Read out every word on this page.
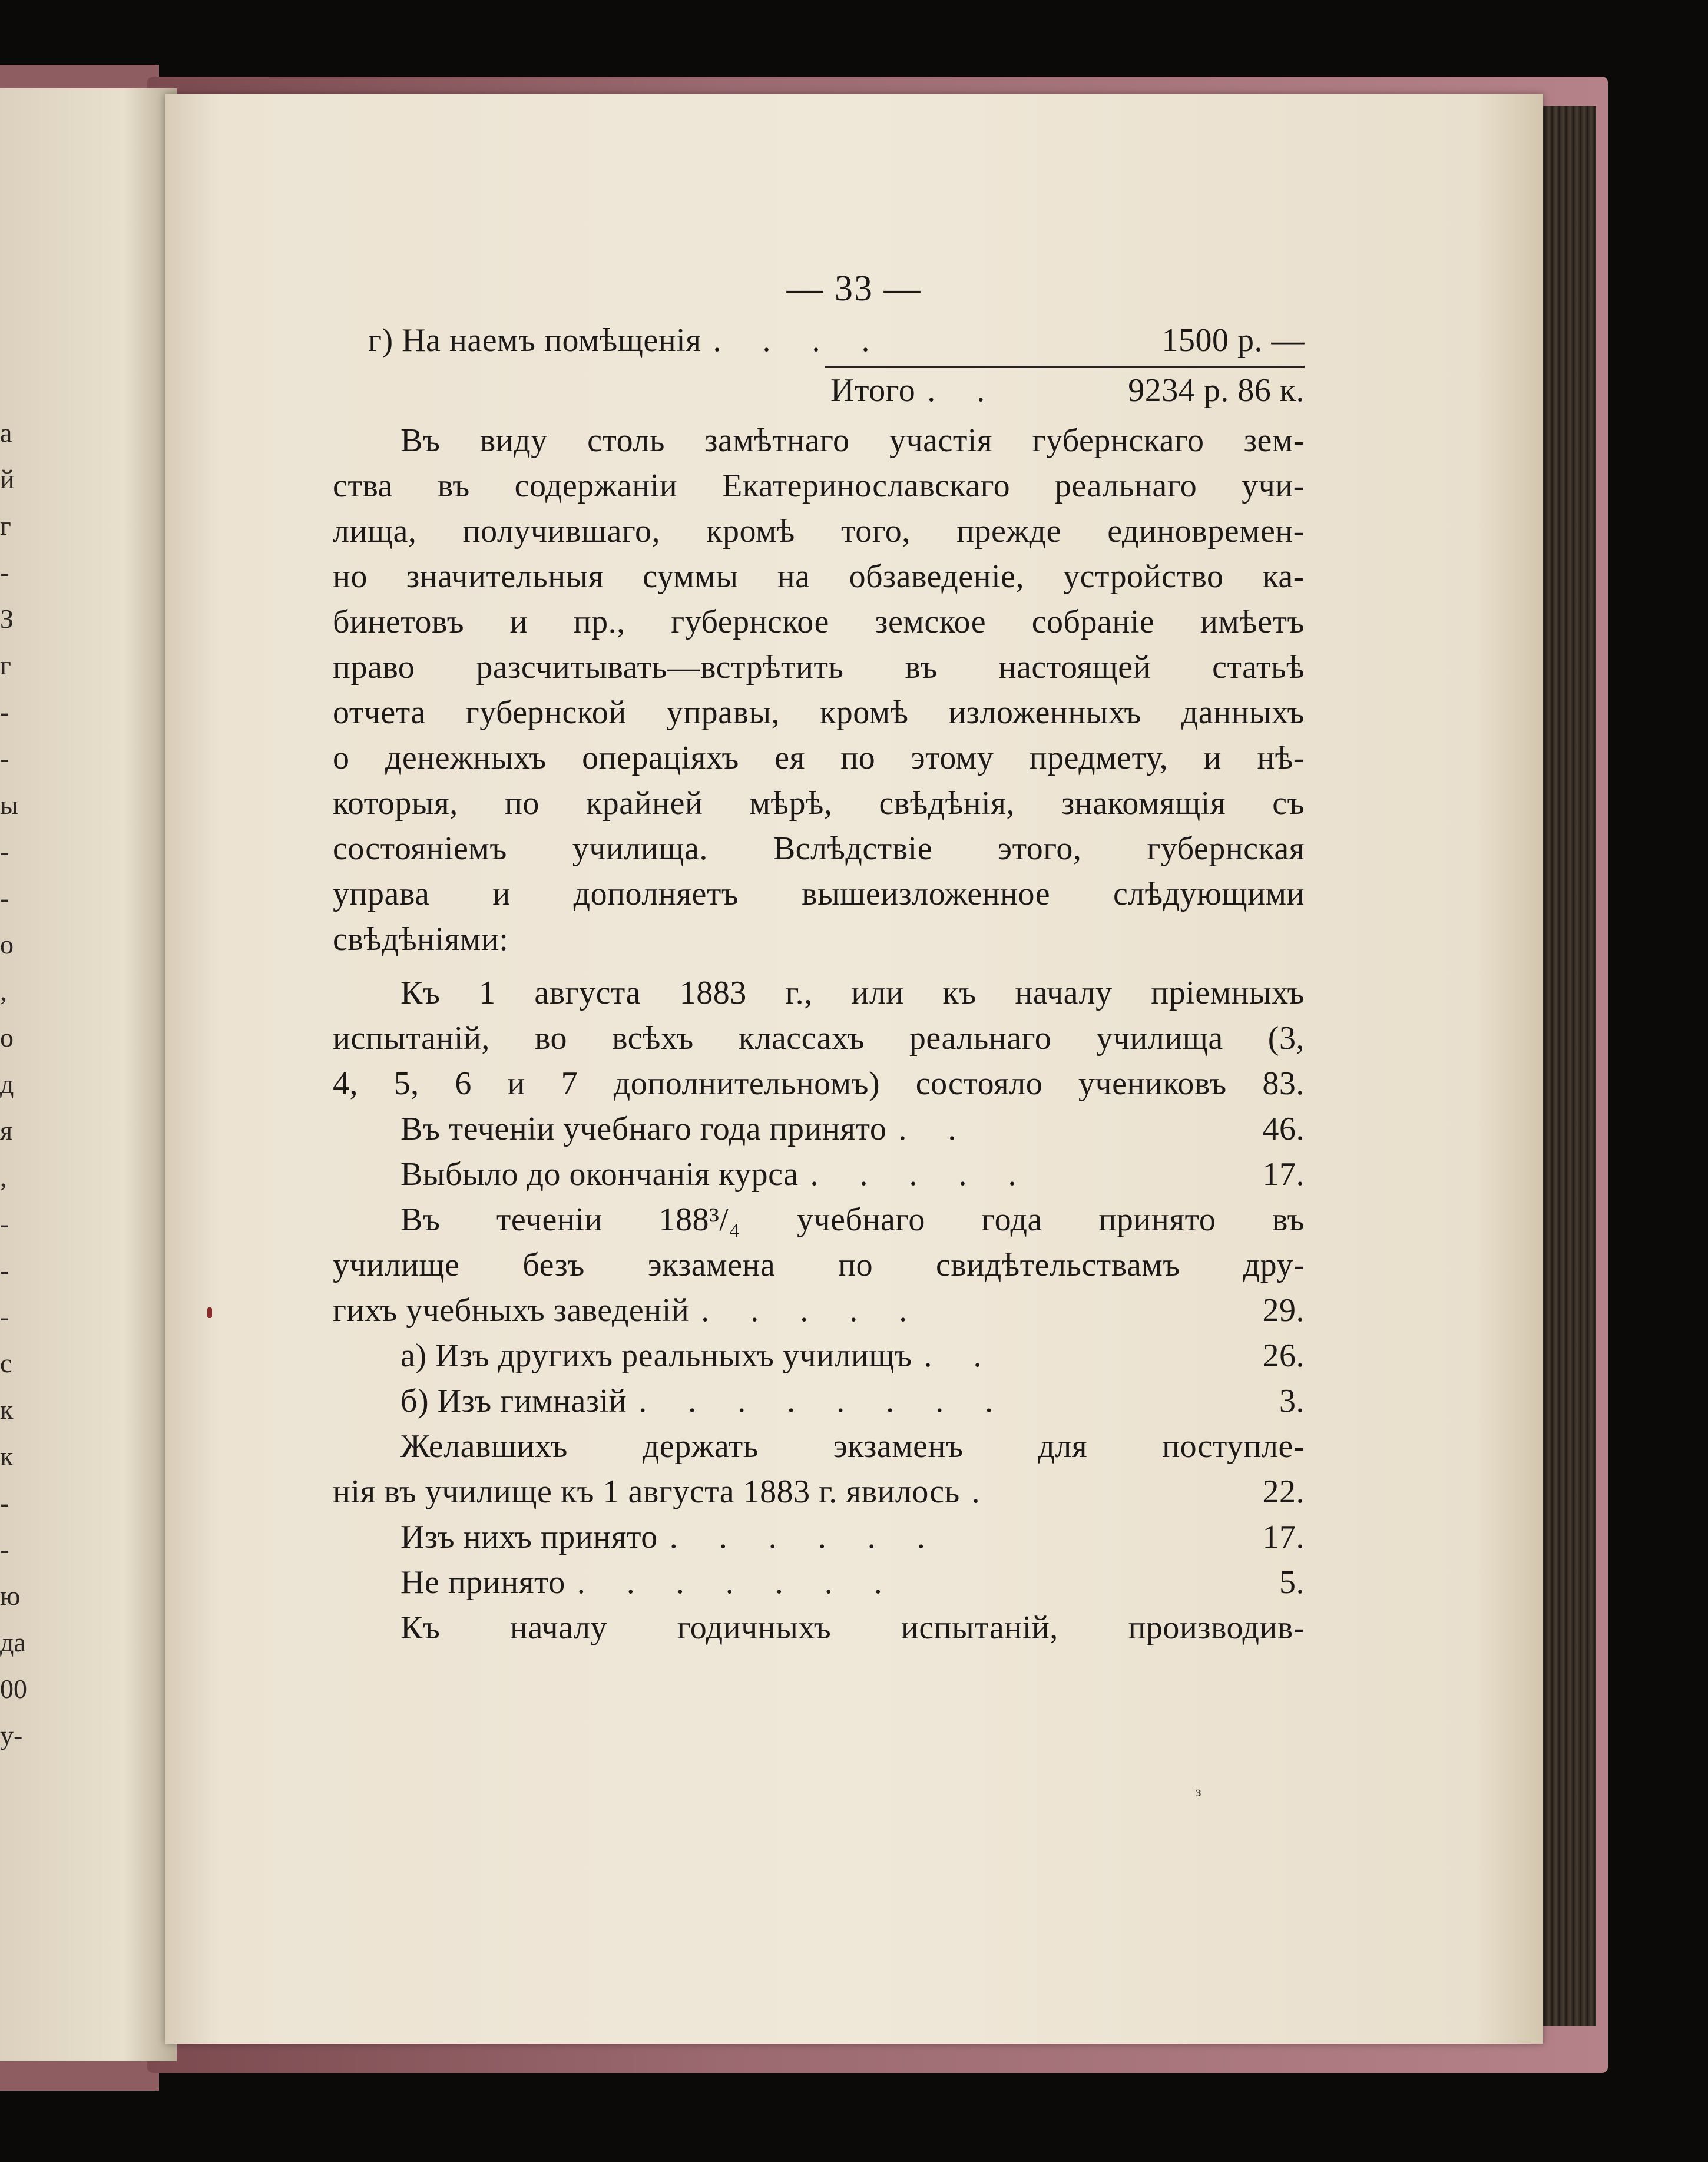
а
й
г
-
З
г
-
-
ы
-
-
о
,
о
д
я
,
-
-
-
с
к
к
-
-
ю
да
00
у-
— 33 —
г) На наемъ помѣщенія . . . .	1500 р. —
Итого . .	9234 р. 86 к.
Въ виду столь замѣтнаго участія губернскаго зем-
ства въ содержаніи Екатеринославскаго реальнаго учи-
лища, получившаго, кромѣ того, прежде единовремен-
но значительныя суммы на обзаведеніе, устройство ка-
бинетовъ и пр., губернское земское собраніе имѣетъ
право разсчитывать—встрѣтить въ настоящей статьѣ
отчета губернской управы, кромѣ изложенныхъ данныхъ
о денежныхъ операціяхъ ея по этому предмету, и нѣ-
которыя, по крайней мѣрѣ, свѣдѣнія, знакомящія съ
состояніемъ училища. Вслѣдствіе этого, губернская
управа и дополняетъ вышеизложенное слѣдующими
свѣдѣніями:
Къ 1 августа 1883 г., или къ началу пріемныхъ
испытаній, во всѣхъ классахъ реальнаго училища (3,
4, 5, 6 и 7 дополнительномъ) состояло учениковъ 83.
Въ теченіи учебнаго года принято . .	46.
Выбыло до окончанія курса . . . . .	17.
Въ теченіи 188³/₄ учебнаго года принято въ
училище безъ экзамена по свидѣтельствамъ дру-
гихъ учебныхъ заведеній . . . . .	29.
а) Изъ другихъ реальныхъ училищъ . .	26.
б) Изъ гимназій . . . . . . . .	3.
Желавшихъ держать экзаменъ для поступле-
нія въ училище къ 1 августа 1883 г. явилось .	22.
Изъ нихъ принято . . . . . .	17.
Не принято . . . . . . .	5.
Къ началу годичныхъ испытаній, производив-
з
